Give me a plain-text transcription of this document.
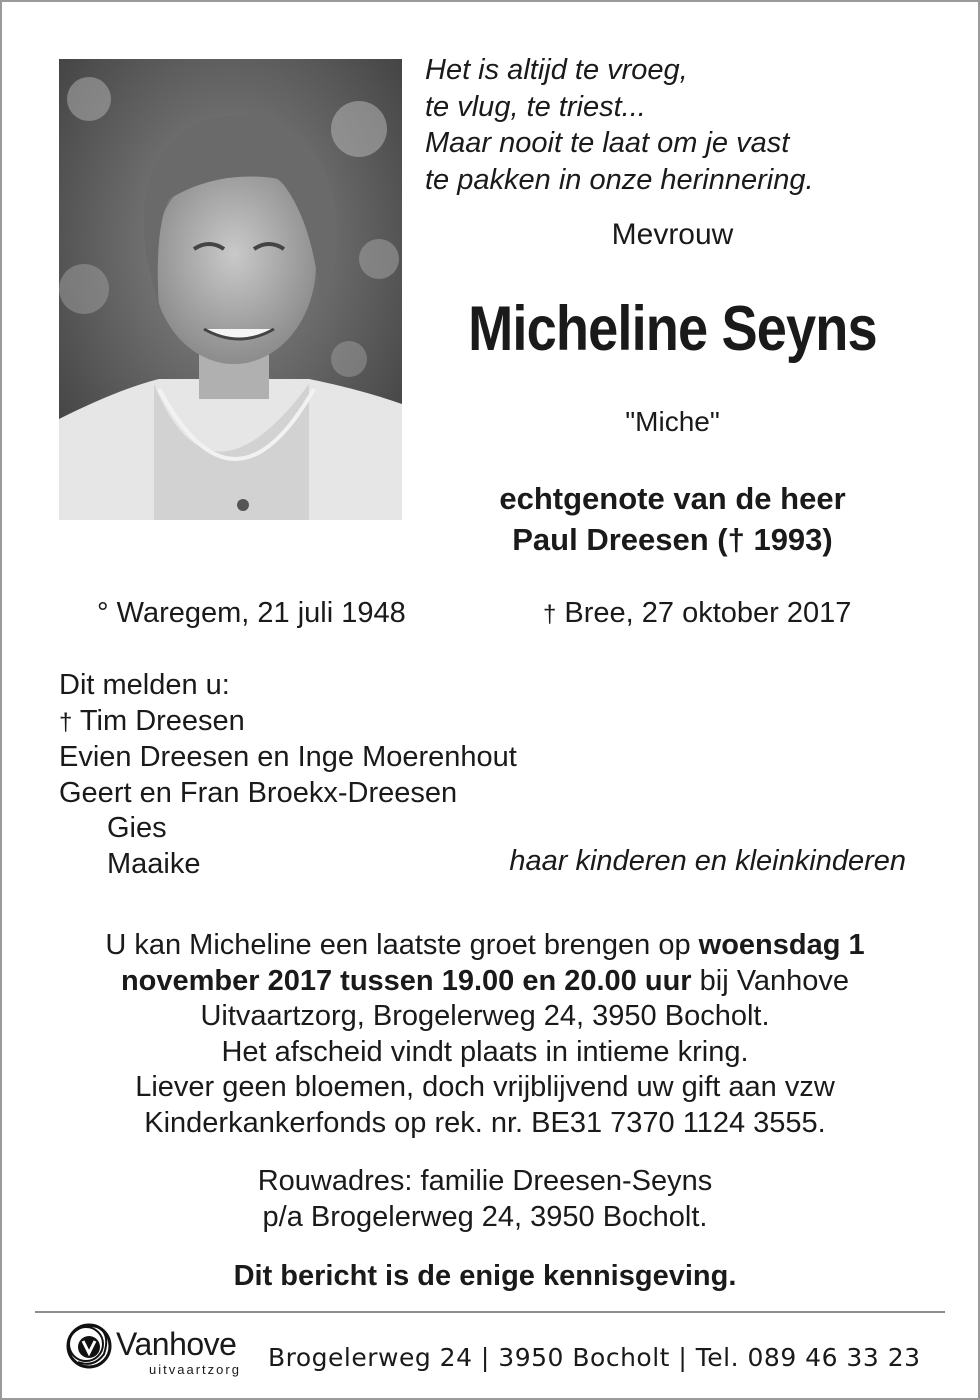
Het is altijd te vroeg,
te vlug, te triest...
Maar nooit te laat om je vast
te pakken in onze herinnering.
Mevrouw
Micheline Seyns
"Miche"
echtgenote van de heer
Paul Dreesen († 1993)
° Waregem, 21 juli 1948	† Bree, 27 oktober 2017
Dit melden u:
† Tim Dreesen
Evien Dreesen en Inge Moerenhout
Geert en Fran Broekx-Dreesen
Gies
Maaike	haar kinderen en kleinkinderen
U kan Micheline een laatste groet brengen op woensdag 1
november 2017 tussen 19.00 en 20.00 uur bij Vanhove
Uitvaartzorg, Brogelerweg 24, 3950 Bocholt.
Het afscheid vindt plaats in intieme kring.
Liever geen bloemen, doch vrijblijvend uw gift aan vzw
Kinderkankerfonds op rek. nr. BE31 7370 1124 3555.
Rouwadres: familie Dreesen-Seyns
p/a Brogelerweg 24, 3950 Bocholt.
Dit bericht is de enige kennisgeving.
Vanhove
uitvaartzorg Brogelerweg 24 | 3950 Bocholt | Tel. 089 46 33 23
